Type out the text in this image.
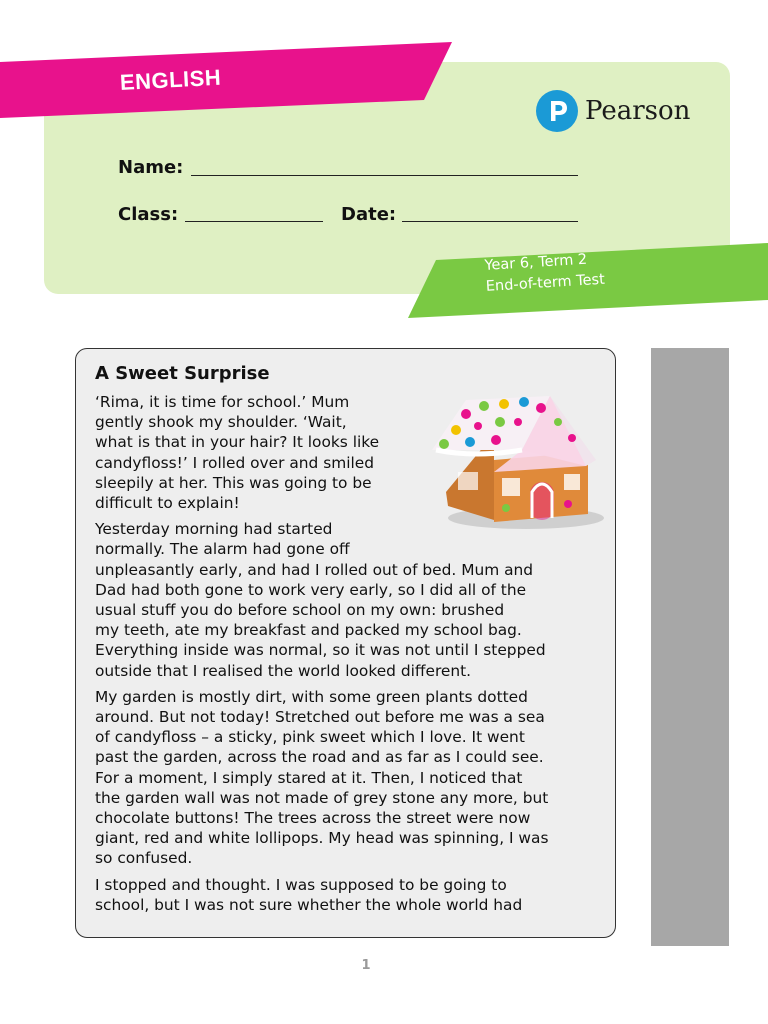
ENGLISH
Pearson
Name:
Class:	Date:
Year 6, Term 2
End-of-term Test
A Sweet Surprise

‘Rima, it is time for school.’ Mum
gently shook my shoulder. ‘Wait,
what is that in your hair? It looks like
candyfloss!’ I rolled over and smiled
sleepily at her. This was going to be
difficult to explain!

Yesterday morning had started
normally. The alarm had gone off
unpleasantly early, and had I rolled out of bed. Mum and
Dad had both gone to work very early, so I did all of the
usual stuff you do before school on my own: brushed
my teeth, ate my breakfast and packed my school bag.
Everything inside was normal, so it was not until I stepped
outside that I realised the world looked different.

My garden is mostly dirt, with some green plants dotted
around. But not today! Stretched out before me was a sea
of candyfloss – a sticky, pink sweet which I love. It went
past the garden, across the road and as far as I could see.
For a moment, I simply stared at it. Then, I noticed that
the garden wall was not made of grey stone any more, but
chocolate buttons! The trees across the street were now
giant, red and white lollipops. My head was spinning, I was
so confused.

I stopped and thought. I was supposed to be going to
school, but I was not sure whether the whole world had

1
